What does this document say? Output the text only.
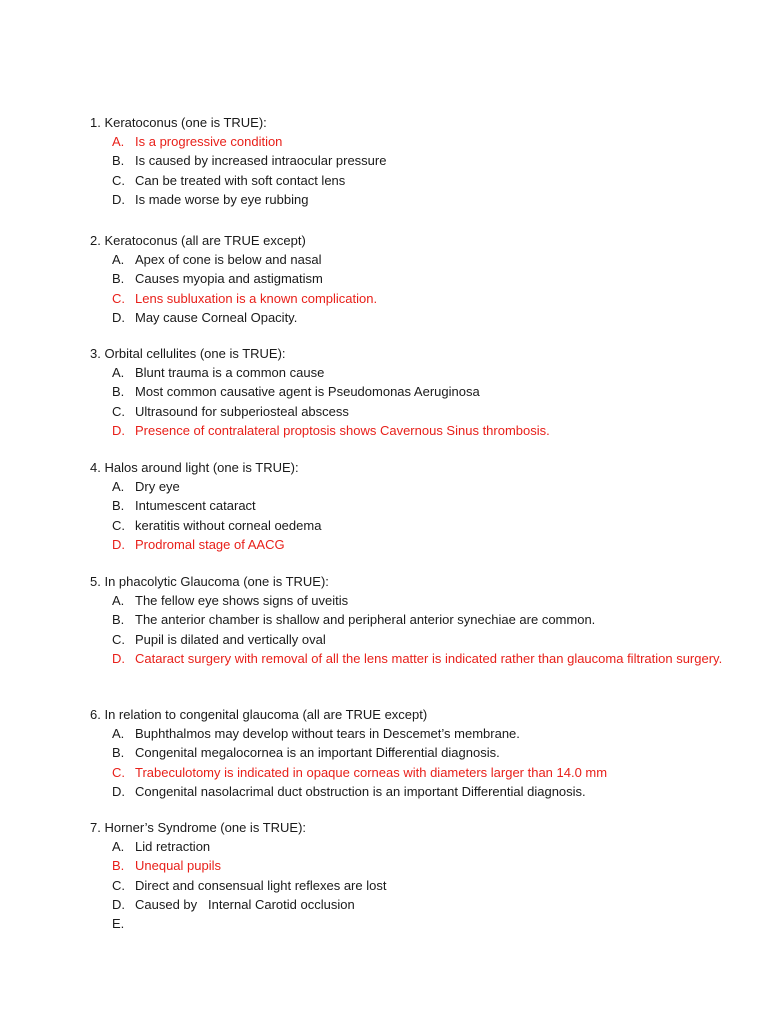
1. Keratoconus (one is TRUE):
A. Is a progressive condition
B. Is caused by increased intraocular pressure
C. Can be treated with soft contact lens
D. Is made worse by eye rubbing
2. Keratoconus (all are TRUE except)
A. Apex of cone is below and nasal
B. Causes myopia and astigmatism
C. Lens subluxation is a known complication.
D. May cause Corneal Opacity.
3. Orbital cellulites (one is TRUE):
A. Blunt trauma is a common cause
B. Most common causative agent is Pseudomonas Aeruginosa
C. Ultrasound for subperiosteal abscess
D. Presence of contralateral proptosis shows Cavernous Sinus thrombosis.
4. Halos around light (one is TRUE):
A. Dry eye
B. Intumescent cataract
C. keratitis without corneal oedema
D. Prodromal stage of AACG
5. In phacolytic Glaucoma (one is TRUE):
A. The fellow eye shows signs of uveitis
B. The anterior chamber is shallow and peripheral anterior synechiae are common.
C. Pupil is dilated and vertically oval
D. Cataract surgery with removal of all the lens matter is indicated rather than glaucoma filtration surgery.
6. In relation to congenital glaucoma (all are TRUE except)
A. Buphthalmos may develop without tears in Descemet’s membrane.
B. Congenital megalocornea is an important Differential diagnosis.
C. Trabeculotomy is indicated in opaque corneas with diameters larger than 14.0 mm
D. Congenital nasolacrimal duct obstruction is an important Differential diagnosis.
7. Horner’s Syndrome (one is TRUE):
A. Lid retraction
B. Unequal pupils
C. Direct and consensual light reflexes are lost
D. Caused by   Internal Carotid occlusion
E.
